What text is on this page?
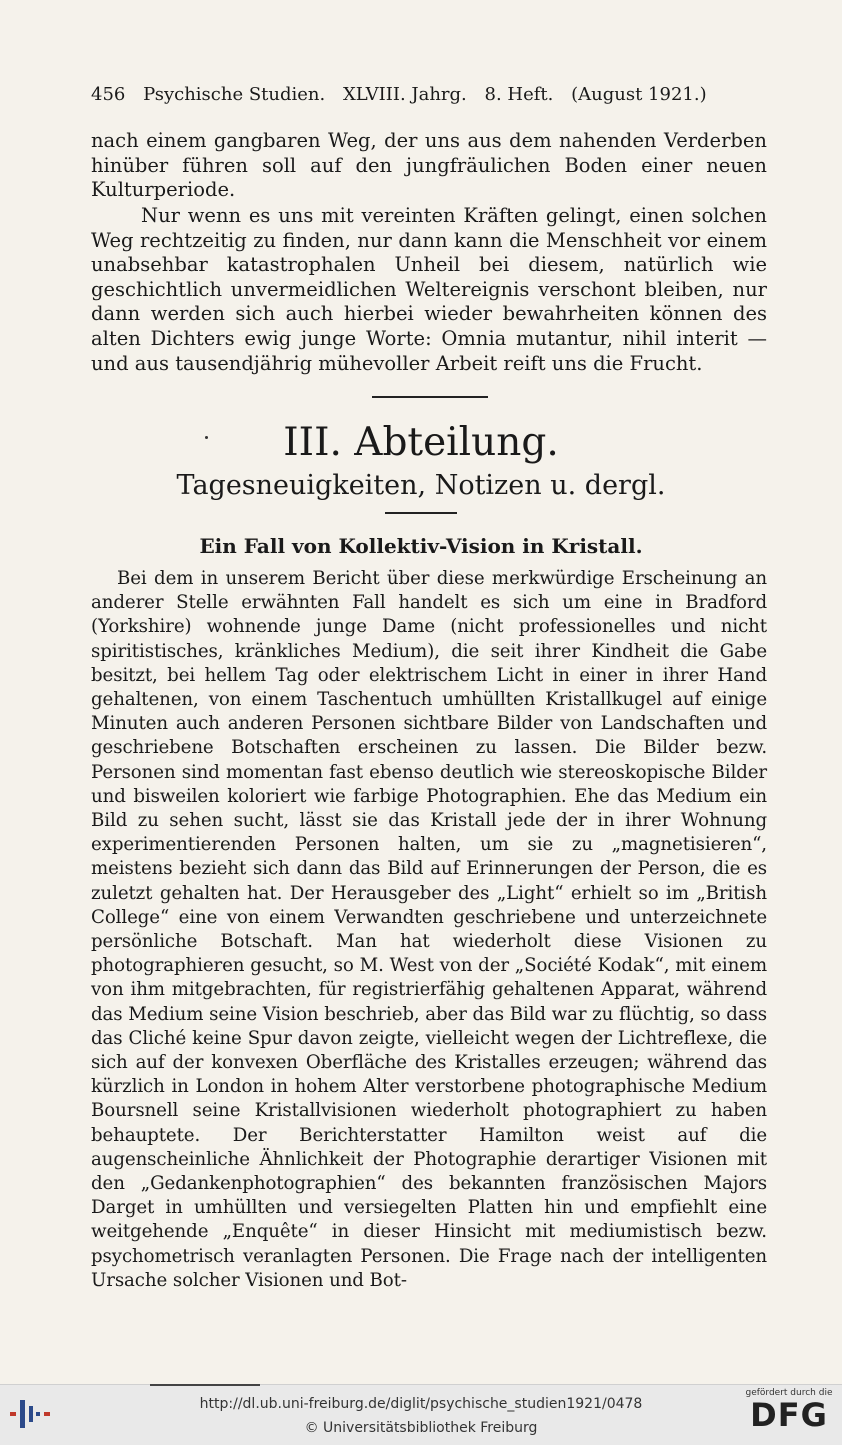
456 Psychische Studien. XLVIII. Jahrg. 8. Heft. (August 1921.)
nach einem gangbaren Weg, der uns aus dem nahenden Verderben hinüber führen soll auf den jungfräulichen Boden einer neuen Kulturperiode.
Nur wenn es uns mit vereinten Kräften gelingt, einen solchen Weg rechtzeitig zu finden, nur dann kann die Menschheit vor einem unabsehbar katastrophalen Unheil bei diesem, natürlich wie geschichtlich unvermeidlichen Weltereignis verschont bleiben, nur dann werden sich auch hierbei wieder bewahrheiten können des alten Dichters ewig junge Worte: Omnia mutantur, nihil interit — und aus tausendjährig mühevoller Arbeit reift uns die Frucht.
III. Abteilung.
Tagesneuigkeiten, Notizen u. dergl.
Ein Fall von Kollektiv-Vision in Kristall.
Bei dem in unserem Bericht über diese merkwürdige Erscheinung an anderer Stelle erwähnten Fall handelt es sich um eine in Bradford (Yorkshire) wohnende junge Dame (nicht professionelles und nicht spiritistisches, kränkliches Medium), die seit ihrer Kindheit die Gabe besitzt, bei hellem Tag oder elektrischem Licht in einer in ihrer Hand gehaltenen, von einem Taschentuch umhüllten Kristallkugel auf einige Minuten auch anderen Personen sichtbare Bilder von Landschaften und geschriebene Botschaften erscheinen zu lassen. Die Bilder bezw. Personen sind momentan fast ebenso deutlich wie stereoskopische Bilder und bisweilen koloriert wie farbige Photographien. Ehe das Medium ein Bild zu sehen sucht, lässt sie das Kristall jede der in ihrer Wohnung experimentierenden Personen halten, um sie zu „magnetisieren“, meistens bezieht sich dann das Bild auf Erinnerungen der Person, die es zuletzt gehalten hat. Der Herausgeber des „Light“ erhielt so im „British College“ eine von einem Verwandten geschriebene und unterzeichnete persönliche Botschaft. Man hat wiederholt diese Visionen zu photographieren gesucht, so M. West von der „Société Kodak“, mit einem von ihm mitgebrachten, für registrierfähig gehaltenen Apparat, während das Medium seine Vision beschrieb, aber das Bild war zu flüchtig, so dass das Cliché keine Spur davon zeigte, vielleicht wegen der Lichtreflexe, die sich auf der konvexen Oberfläche des Kristalles erzeugen; während das kürzlich in London in hohem Alter verstorbene photographische Medium Boursnell seine Kristallvisionen wiederholt photographiert zu haben behauptete. Der Berichterstatter Hamilton weist auf die augenscheinliche Ähnlichkeit der Photographie derartiger Visionen mit den „Gedankenphotographien“ des bekannten französischen Majors Darget in umhüllten und versiegelten Platten hin und empfiehlt eine weitgehende „Enquête“ in dieser Hinsicht mit mediumistisch bezw. psychometrisch veranlagten Personen. Die Frage nach der intelligenten Ursache solcher Visionen und Bot-
http://dl.ub.uni-freiburg.de/diglit/psychische_studien1921/0478
© Universitätsbibliothek Freiburg
gefördert durch die
DFG
